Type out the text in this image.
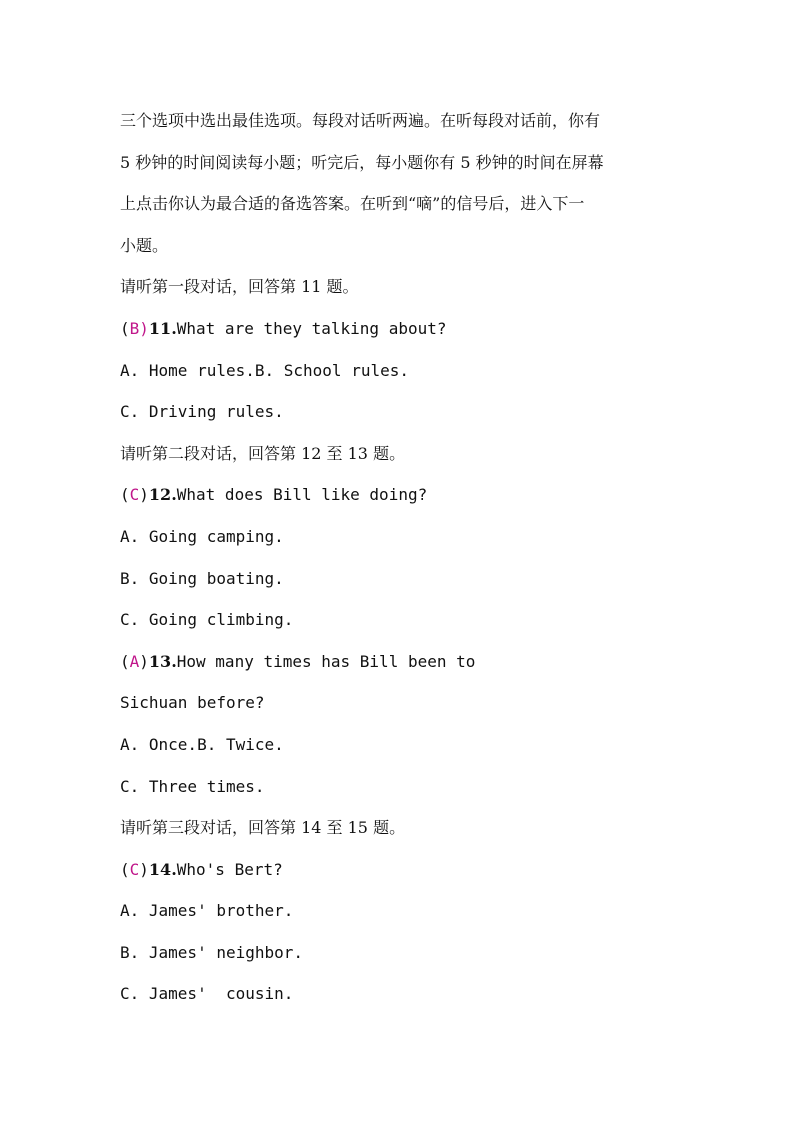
三个选项中选出最佳选项。每段对话听两遍。在听每段对话前，你有
5 秒钟的时间阅读每小题；听完后，每小题你有 5 秒钟的时间在屏幕
上点击你认为最合适的备选答案。在听到“嘀”的信号后，进入下一
小题。
请听第一段对话，回答第 11 题。
(B)11.What are they talking about?
A. Home rules.B. School rules.
C. Driving rules.
请听第二段对话，回答第 12 至 13 题。
(C)12.What does Bill like doing?
A. Going camping.
B. Going boating.
C. Going climbing.
(A)13.How many times has Bill been to
Sichuan before?
A. Once.B. Twice.
C. Three times.
请听第三段对话，回答第 14 至 15 题。
(C)14.Who's Bert?
A. James' brother.
B. James' neighbor.
C. James'  cousin.
